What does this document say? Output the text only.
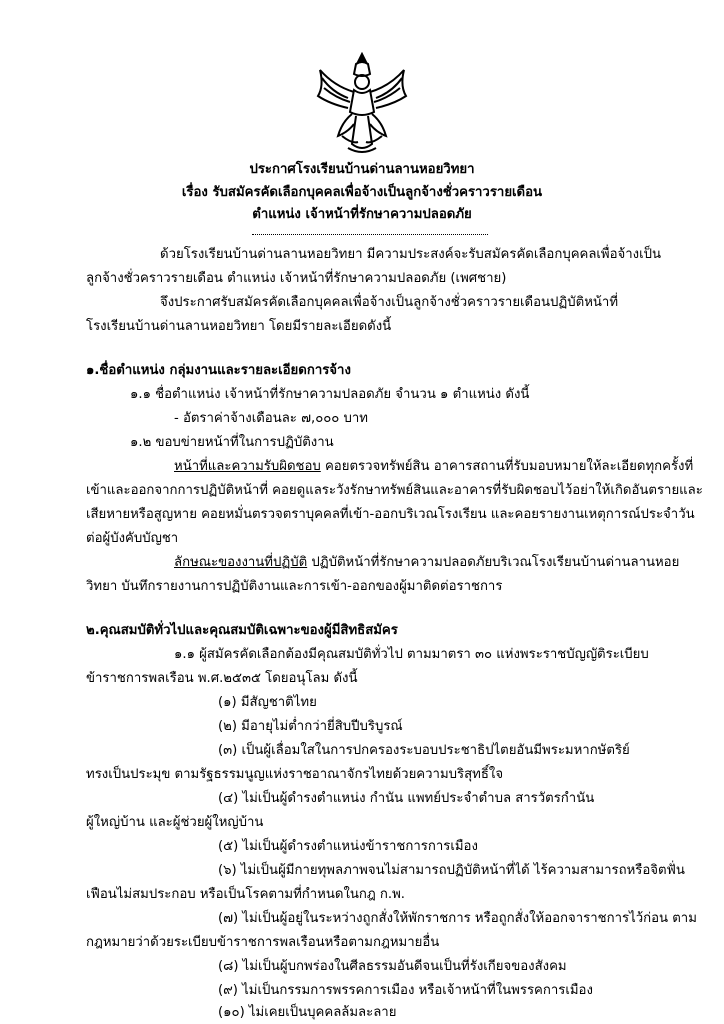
ประกาศโรงเรียนบ้านด่านลานหอยวิทยา
เรื่อง รับสมัครคัดเลือกบุคคลเพื่อจ้างเป็นลูกจ้างชั่วคราวรายเดือน
ตำแหน่ง เจ้าหน้าที่รักษาความปลอดภัย
ด้วยโรงเรียนบ้านด่านลานหอยวิทยา มีความประสงค์จะรับสมัครคัดเลือกบุคคลเพื่อจ้างเป็น
ลูกจ้างชั่วคราวรายเดือน ตำแหน่ง เจ้าหน้าที่รักษาความปลอดภัย (เพศชาย)
จึงประกาศรับสมัครคัดเลือกบุคคลเพื่อจ้างเป็นลูกจ้างชั่วคราวรายเดือนปฏิบัติหน้าที่
โรงเรียนบ้านด่านลานหอยวิทยา โดยมีรายละเอียดดังนี้
๑.ชื่อตำแหน่ง กลุ่มงานและรายละเอียดการจ้าง
๑.๑ ชื่อตำแหน่ง เจ้าหน้าที่รักษาความปลอดภัย จำนวน ๑ ตำแหน่ง ดังนี้
- อัตราค่าจ้างเดือนละ ๗,๐๐๐ บาท
๑.๒ ขอบข่ายหน้าที่ในการปฏิบัติงาน
หน้าที่และความรับผิดชอบ คอยตรวจทรัพย์สิน อาคารสถานที่รับมอบหมายให้ละเอียดทุกครั้งที่
เข้าและออกจากการปฏิบัติหน้าที่ คอยดูแลระวังรักษาทรัพย์สินและอาคารที่รับผิดชอบไว้อย่าให้เกิดอันตรายและ
เสียหายหรือสูญหาย คอยหมั่นตรวจตราบุคคลที่เข้า-ออกบริเวณโรงเรียน และคอยรายงานเหตุการณ์ประจำวัน
ต่อผู้บังคับบัญชา
ลักษณะของงานที่ปฏิบัติ ปฏิบัติหน้าที่รักษาความปลอดภัยบริเวณโรงเรียนบ้านด่านลานหอย
วิทยา บันทึกรายงานการปฏิบัติงานและการเข้า-ออกของผู้มาติดต่อราชการ
๒.คุณสมบัติทั่วไปและคุณสมบัติเฉพาะของผู้มีสิทธิสมัคร
๑.๑ ผู้สมัครคัดเลือกต้องมีคุณสมบัติทั่วไป ตามมาตรา ๓๐ แห่งพระราชบัญญัติระเบียบ
ข้าราชการพลเรือน พ.ศ.๒๕๓๕ โดยอนุโลม ดังนี้
(๑) มีสัญชาติไทย
(๒) มีอายุไม่ต่ำกว่ายี่สิบปีบริบูรณ์
(๓) เป็นผู้เลื่อมใสในการปกครองระบอบประชาธิปไตยอันมีพระมหากษัตริย์
ทรงเป็นประมุข ตามรัฐธรรมนูญแห่งราชอาณาจักรไทยด้วยความบริสุทธิ์ใจ
(๔) ไม่เป็นผู้ดำรงตำแหน่ง กำนัน แพทย์ประจำตำบล สารวัตรกำนัน
ผู้ใหญ่บ้าน และผู้ช่วยผู้ใหญ่บ้าน
(๕) ไม่เป็นผู้ดำรงตำแหน่งข้าราชการการเมือง
(๖) ไม่เป็นผู้มีกายทุพลภาพจนไม่สามารถปฏิบัติหน้าที่ได้ ไร้ความสามารถหรือจิตฟั่น
เฟือนไม่สมประกอบ หรือเป็นโรคตามที่กำหนดในกฎ ก.พ.
(๗) ไม่เป็นผู้อยู่ในระหว่างถูกสั่งให้พักราชการ หรือถูกสั่งให้ออกจาราชการไว้ก่อน ตาม
กฎหมายว่าด้วยระเบียบข้าราชการพลเรือนหรือตามกฎหมายอื่น
(๘) ไม่เป็นผู้บกพร่องในศีลธรรมอันดีจนเป็นที่รังเกียจของสังคม
(๙) ไม่เป็นกรรมการพรรคการเมือง หรือเจ้าหน้าที่ในพรรคการเมือง
(๑๐) ไม่เคยเป็นบุคคลล้มละลาย
